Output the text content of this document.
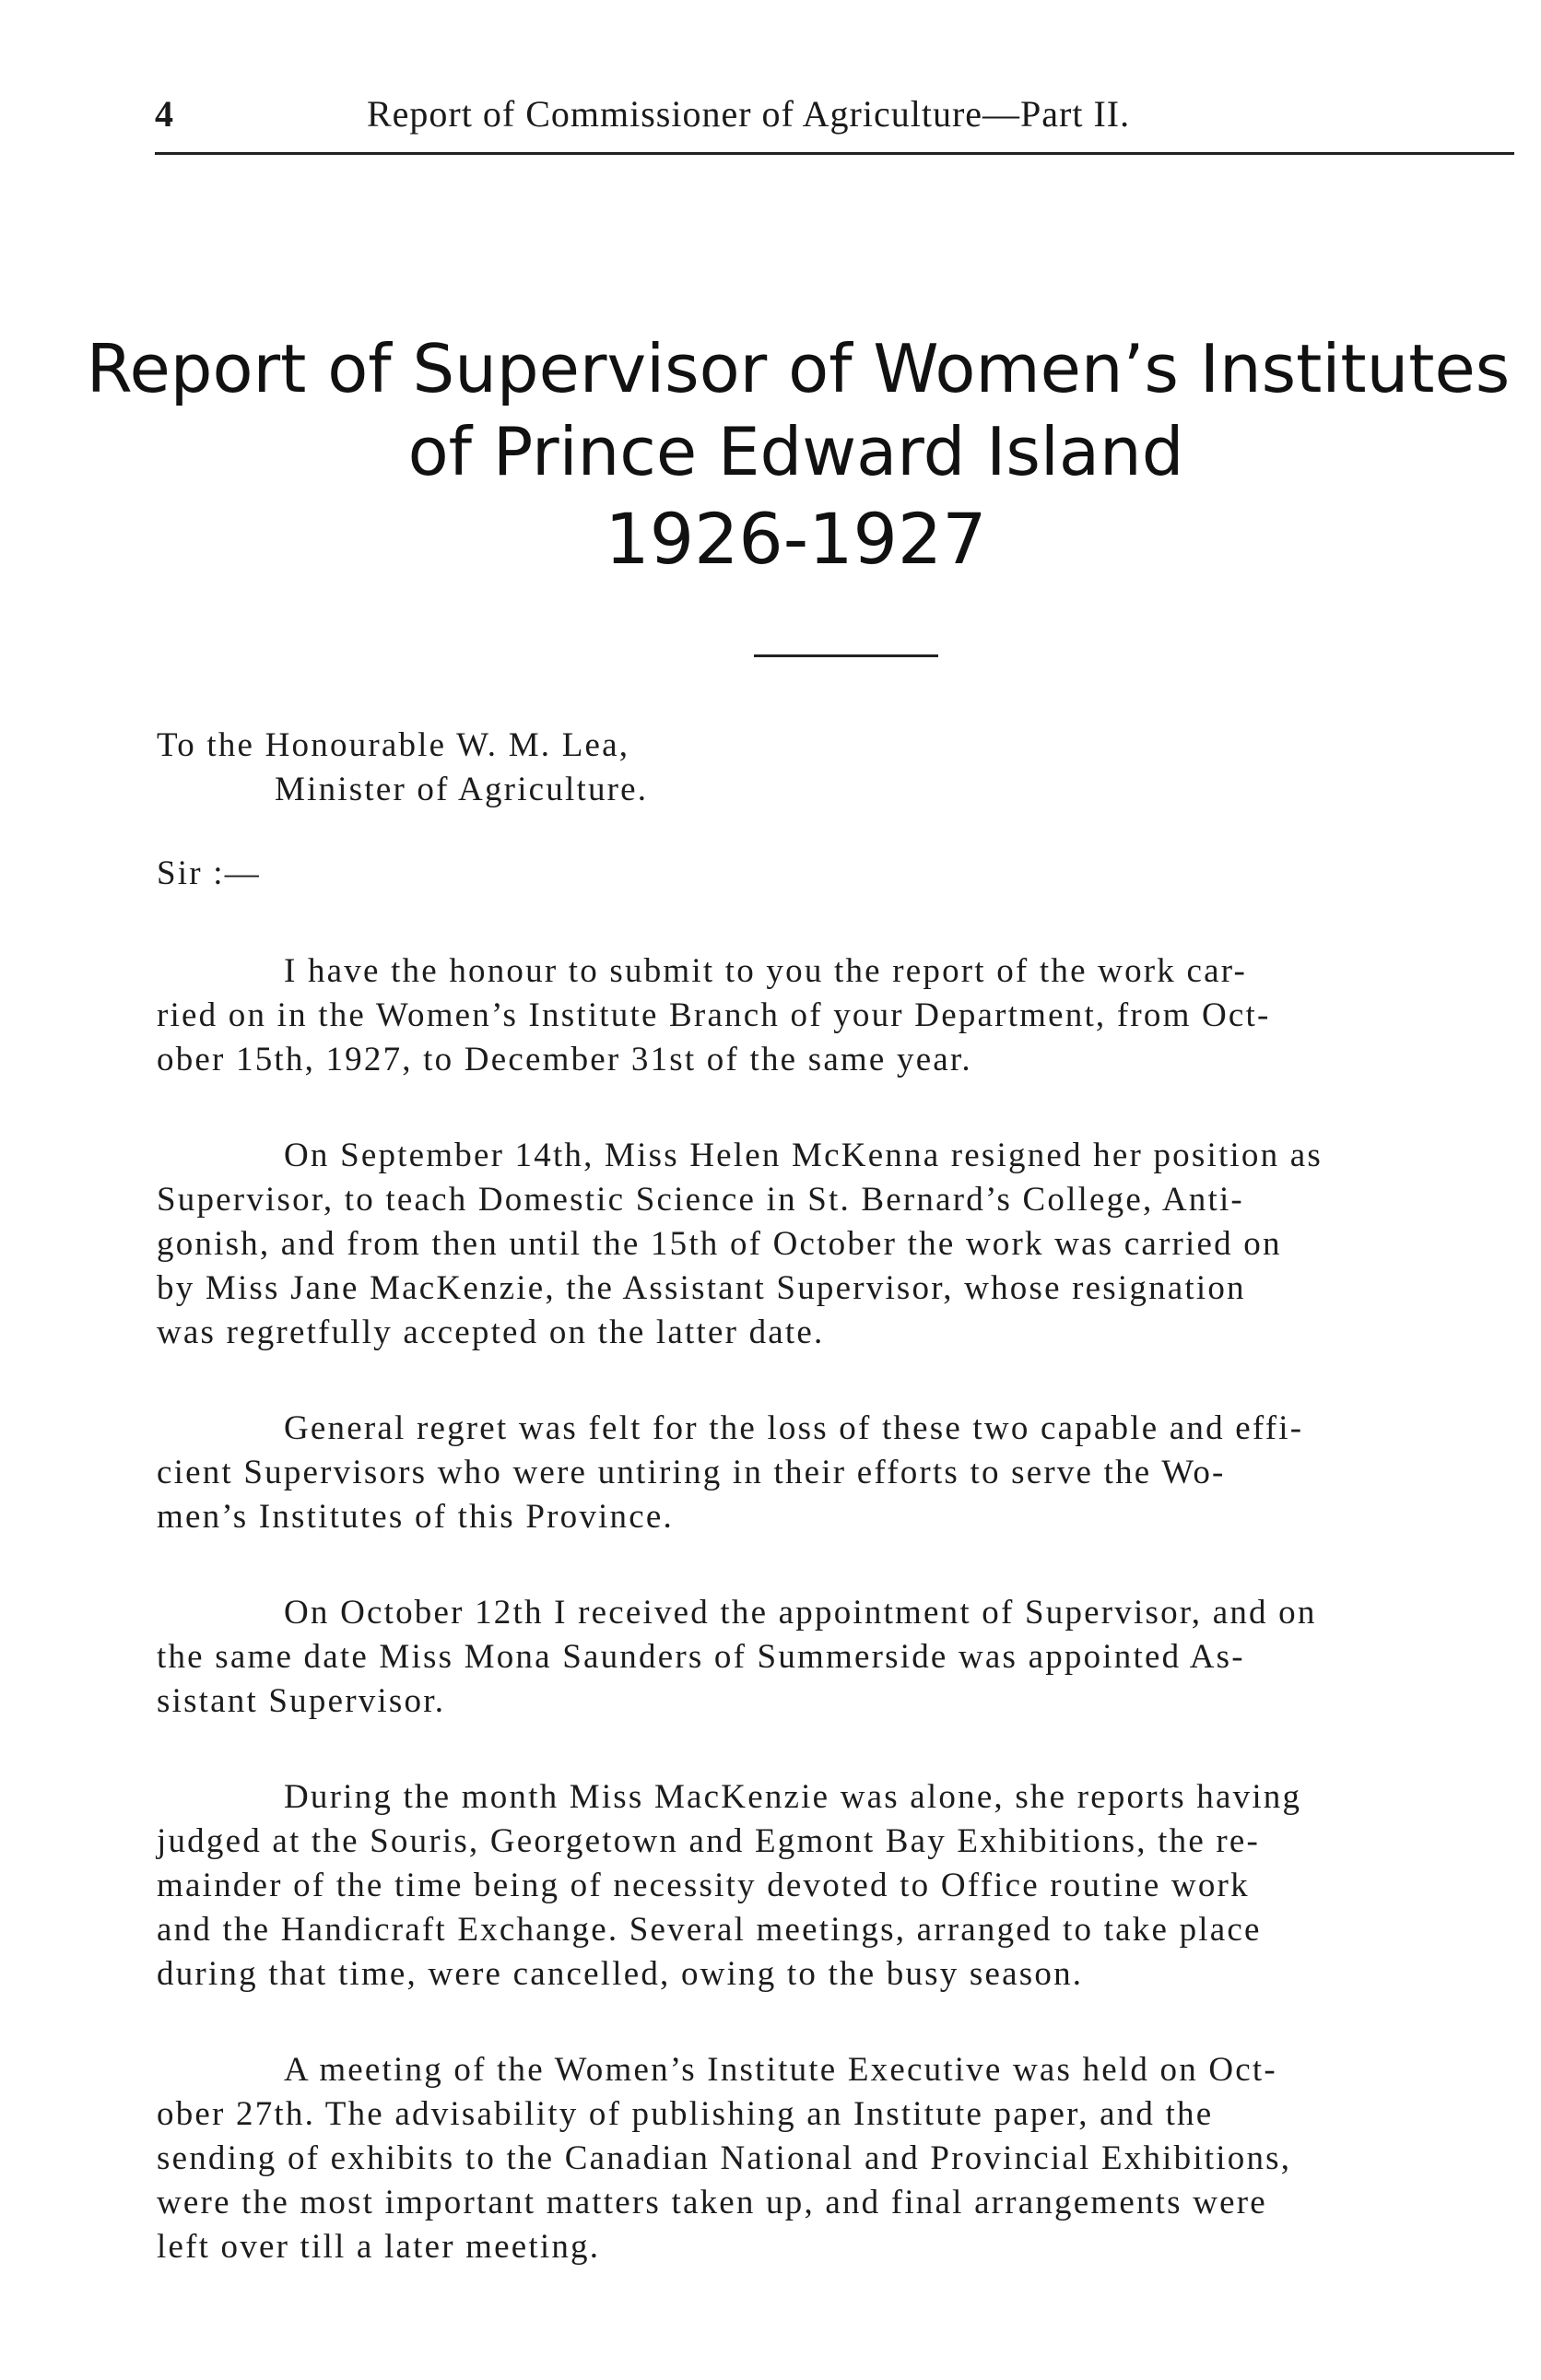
4	Report of Commissioner of Agriculture—Part II.
Report of Supervisor of Women’s Institutes
of Prince Edward Island
1926-1927
To the Honourable W. M. Lea,
Minister of Agriculture.
Sir :—
I have the honour to submit to you the report of the work car-
ried on in the Women’s Institute Branch of your Department, from Oct-
ober 15th, 1927, to December 31st of the same year.
On September 14th, Miss Helen McKenna resigned her position as
Supervisor, to teach Domestic Science in St. Bernard’s College, Anti-
gonish, and from then until the 15th of October the work was carried on
by Miss Jane MacKenzie, the Assistant Supervisor, whose resignation
was regretfully accepted on the latter date.
General regret was felt for the loss of these two capable and effi-
cient Supervisors who were untiring in their efforts to serve the Wo-
men’s Institutes of this Province.
On October 12th I received the appointment of Supervisor, and on
the same date Miss Mona Saunders of Summerside was appointed As-
sistant Supervisor.
During the month Miss MacKenzie was alone, she reports having
judged at the Souris, Georgetown and Egmont Bay Exhibitions, the re-
mainder of the time being of necessity devoted to Office routine work
and the Handicraft Exchange. Several meetings, arranged to take place
during that time, were cancelled, owing to the busy season.
A meeting of the Women’s Institute Executive was held on Oct-
ober 27th. The advisability of publishing an Institute paper, and the
sending of exhibits to the Canadian National and Provincial Exhibitions,
were the most important matters taken up, and final arrangements were
left over till a later meeting.
